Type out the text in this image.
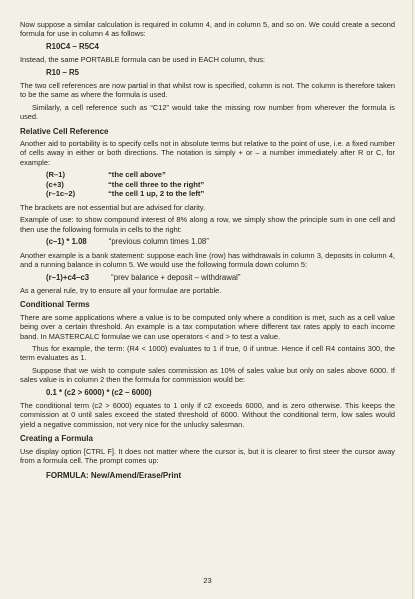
Now suppose a similar calculation is required in column 4, and in column 5, and so on. We could create a second formula for use in column 4 as follows:

R10C4 – R5C4

Instead, the same PORTABLE formula can be used in EACH column, thus:

R10 – R5

The two cell references are now partial in that whilst row is specified, column is not. The column is therefore taken to be the same as where the formula is used.

Similarly, a cell reference such as “C12” would take the missing row number from wherever the formula is used.

Relative Cell Reference

Another aid to portability is to specify cells not in absolute terms but relative to the point of use, i.e. a fixed number of cells away in either or both directions. The notation is simply + or – a number immediately after R or C, for example:

(R–1)	“the cell above”
(c+3)	“the cell three to the right”
(r–1c–2)	“the cell 1 up, 2 to the left”

The brackets are not essential but are advised for clarity.

Example of use: to show compound interest of 8% along a row, we simply show the principle sum in one cell and then use the following formula in cells to the right:

(c–1) * 1.08	“previous column times 1.08”

Another example is a bank statement: suppose each line (row) has withdrawals in column 3, deposits in column 4, and a running balance in column 5. We would use the following formula down column 5:

(r–1)+c4–c3	“prev balance + deposit – withdrawal”

As a general rule, try to ensure all your formulae are portable.

Conditional Terms

There are some applications where a value is to be computed only where a condition is met, such as a cell value being over a certain threshold. An example is a tax computation where different tax rates apply to each income band. In MASTERCALC formulae we can use operators < and > to test a value.

Thus for example, the term: (R4 < 1000) evaluates to 1 if true, 0 if untrue. Hence if cell R4 contains 300, the term evaluates as 1.

Suppose that we wish to compute sales commission as 10% of sales value but only on sales above 6000. If sales value is in column 2 then the formula for commission would be:

0.1 * (c2 > 6000) * (c2 – 6000)

The conditional term (c2 > 6000) equates to 1 only if c2 exceeds 6000, and is zero otherwise. This keeps the commission at 0 until sales exceed the stated threshold of 6000. Without the conditional term, low sales would yield a negative commission, not very nice for the unlucky salesman.

Creating a Formula

Use display option [CTRL F]. It does not matter where the cursor is, but it is clearer to first steer the cursor away from a formula cell. The prompt comes up:

FORMULA: New/Amend/Erase/Print
23
